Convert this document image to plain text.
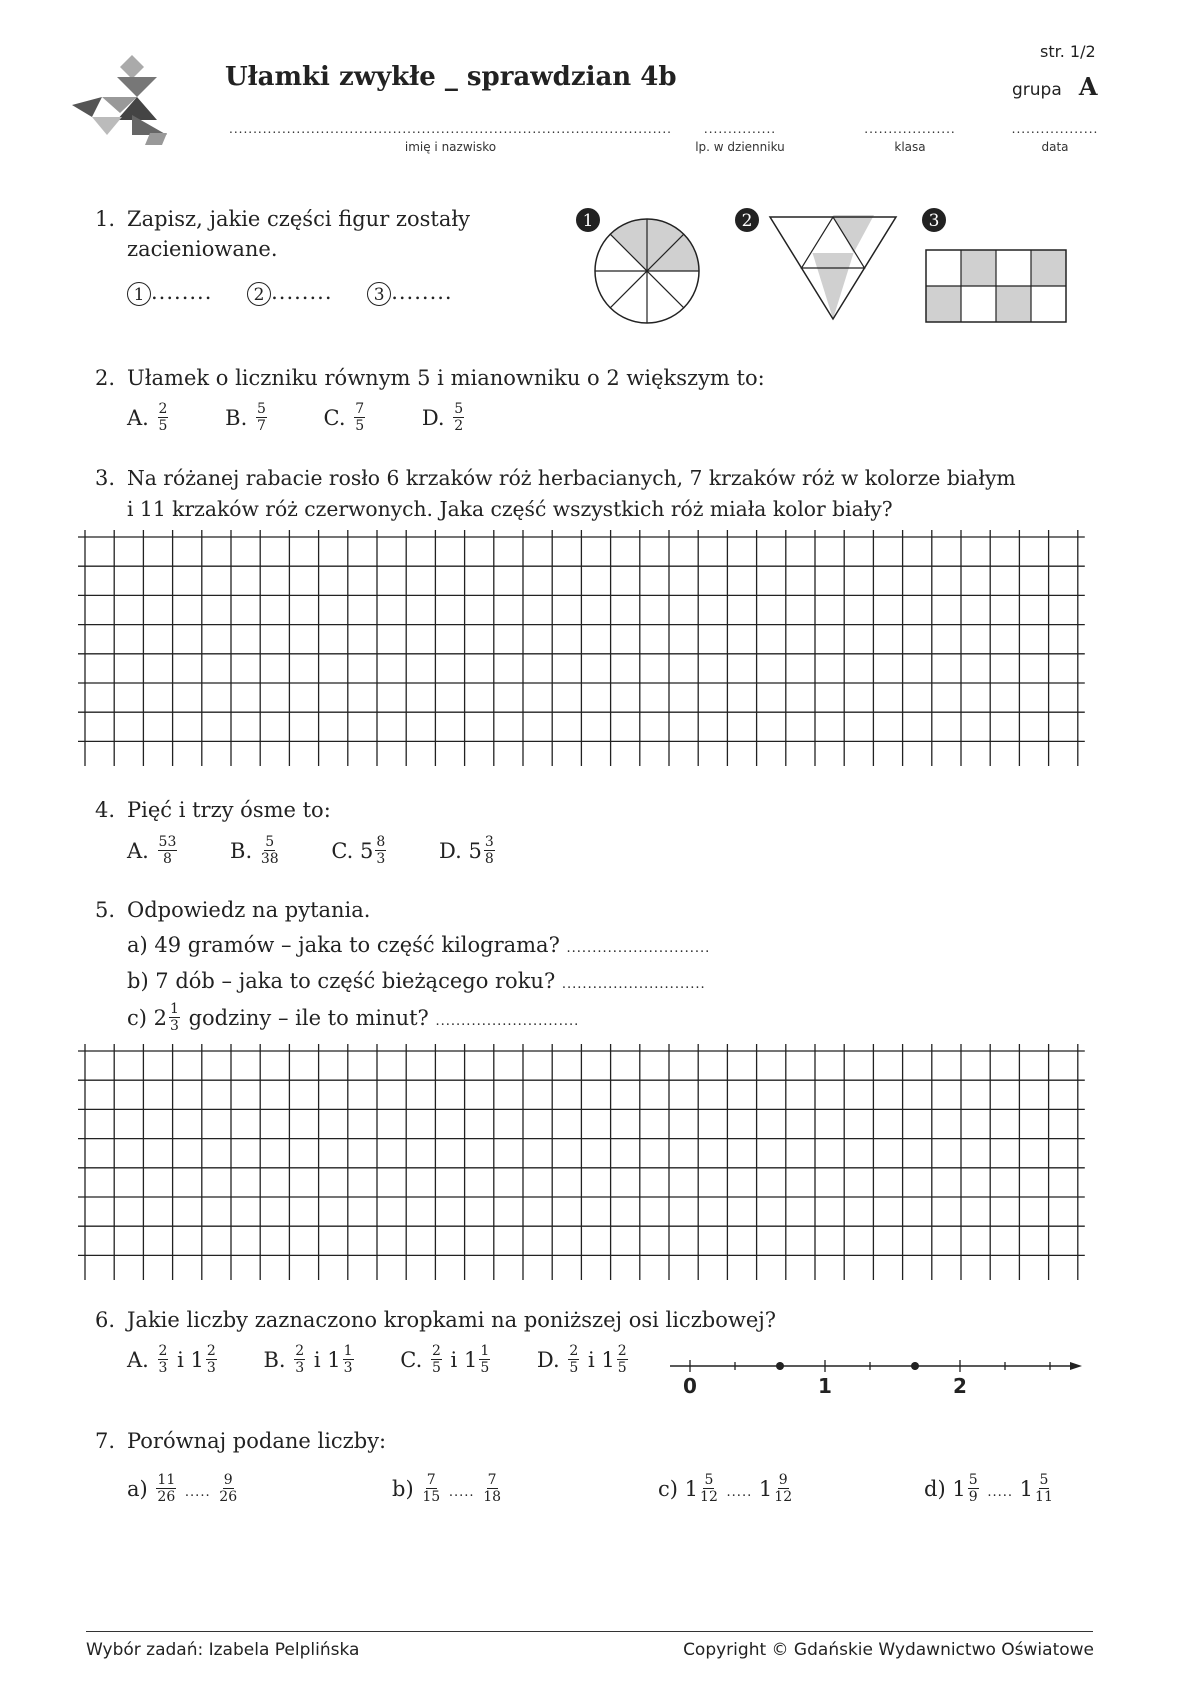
Ułamki zwykłe _ sprawdzian 4b
str. 1/2
grupa A
............................................................................................
imię i nazwisko
...............
lp. w dzienniku
...................
klasa
..................
data
1. Zapisz, jakie części figur zostały
zacieniowane.
1 ........ 2 ........ 3 ........
1	2	3
2. Ułamek o liczniku równym 5 i mianowniku o 2 większym to:
A. $\frac{2}{5}$	B. $\frac{5}{7}$	C. $\frac{7}{5}$	D. $\frac{5}{2}$
3. Na różanej rabacie rosło 6 krzaków róż herbacianych, 7 krzaków róż w kolorze białym
i 11 krzaków róż czerwonych. Jaka część wszystkich róż miała kolor biały?
4. Pięć i trzy ósme to:
A. $\frac{53}{8}$	B. $\frac{5}{38}$	C. $5 \frac{8}{3}$	D. $5 \frac{3}{8}$
5. Odpowiedz na pytania.
a) 49 gramów – jaka to część kilograma? ............................
b) 7 dób – jaka to część bieżącego roku? ............................
c) $2 \frac{1}{3}$ godziny – ile to minut? ............................
6. Jakie liczby zaznaczono kropkami na poniższej osi liczbowej?
A. $\frac{2}{3}$ i $1 \frac{2}{3} B$. $\frac{2}{3}$ i $1 \frac{1}{3} C$. $\frac{2}{5}$ i $1 \frac{1}{5} D$. $\frac{2}{5}$ i $1 \frac{2}{5}$
0	1	2
7. Porównaj podane liczby:
$a) \frac{11}{26}$ ..... $\frac{9}{26}$	$b) \frac{7}{15}$ ..... $\frac{7}{18}$	c) $1 \frac{5}{12}$ ..... $1 \frac{9}{12}$	d) $1 \frac{5}{9}$ ..... $1 \frac{5}{11}$
Wybór zadań: Izabela Pelplińska	Copyright © Gdańskie Wydawnictwo Oświatowe
